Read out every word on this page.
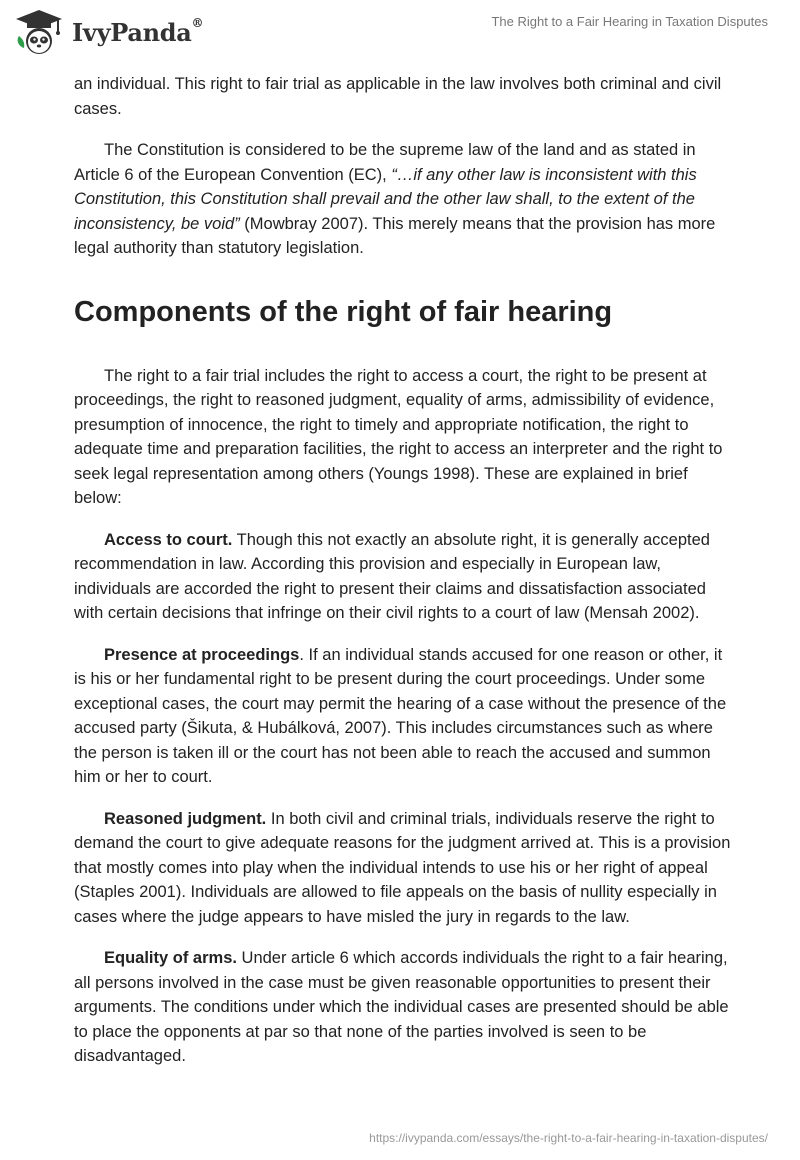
IvyPanda®	The Right to a Fair Hearing in Taxation Disputes

an individual. This right to fair trial as applicable in the law involves both criminal and civil cases.

The Constitution is considered to be the supreme law of the land and as stated in Article 6 of the European Convention (EC), “…if any other law is inconsistent with this Constitution, this Constitution shall prevail and the other law shall, to the extent of the inconsistency, be void” (Mowbray 2007). This merely means that the provision has more legal authority than statutory legislation.

Components of the right of fair hearing

The right to a fair trial includes the right to access a court, the right to be present at proceedings, the right to reasoned judgment, equality of arms, admissibility of evidence, presumption of innocence, the right to timely and appropriate notification, the right to adequate time and preparation facilities, the right to access an interpreter and the right to seek legal representation among others (Youngs 1998). These are explained in brief below:

Access to court. Though this not exactly an absolute right, it is generally accepted recommendation in law. According this provision and especially in European law, individuals are accorded the right to present their claims and dissatisfaction associated with certain decisions that infringe on their civil rights to a court of law (Mensah 2002).

Presence at proceedings. If an individual stands accused for one reason or other, it is his or her fundamental right to be present during the court proceedings. Under some exceptional cases, the court may permit the hearing of a case without the presence of the accused party (Šikuta, & Hubálková, 2007). This includes circumstances such as where the person is taken ill or the court has not been able to reach the accused and summon him or her to court.

Reasoned judgment. In both civil and criminal trials, individuals reserve the right to demand the court to give adequate reasons for the judgment arrived at. This is a provision that mostly comes into play when the individual intends to use his or her right of appeal (Staples 2001). Individuals are allowed to file appeals on the basis of nullity especially in cases where the judge appears to have misled the jury in regards to the law.

Equality of arms. Under article 6 which accords individuals the right to a fair hearing, all persons involved in the case must be given reasonable opportunities to present their arguments. The conditions under which the individual cases are presented should be able to place the opponents at par so that none of the parties involved is seen to be disadvantaged.

https://ivypanda.com/essays/the-right-to-a-fair-hearing-in-taxation-disputes/
